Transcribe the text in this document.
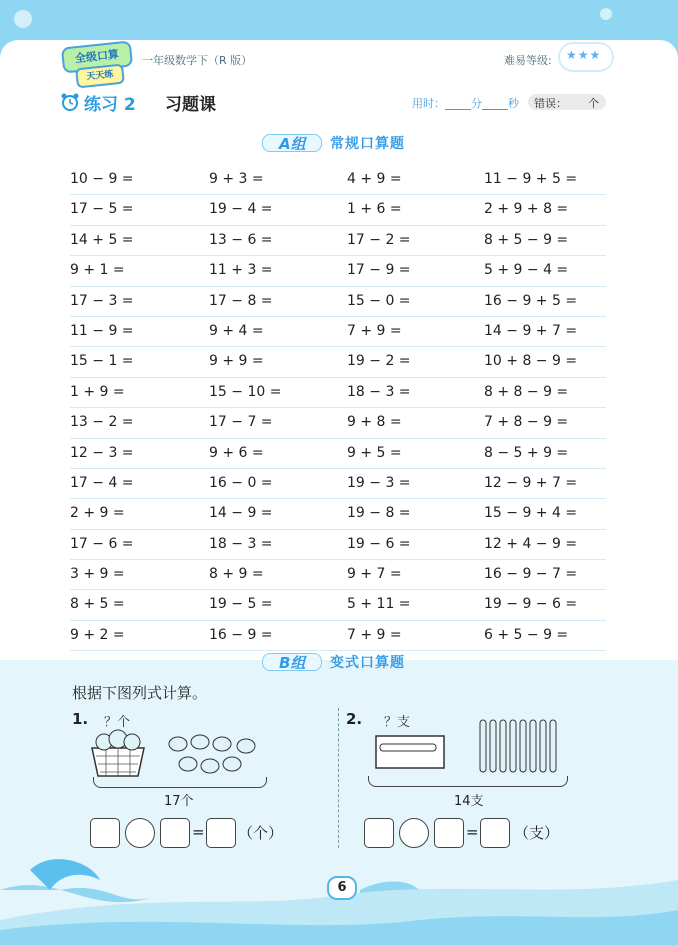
全级口算
天天练
一年级数学下（R 版）	难易等级: ★★★
练习 2 习题课	用时： 分 秒 错误： 个
A组 常规口算题
10 − 9 =	9 + 3 =	4 + 9 =	11 − 9 + 5 =
17 − 5 =	19 − 4 =	1 + 6 =	2 + 9 + 8 =
14 + 5 =	13 − 6 =	17 − 2 =	8 + 5 − 9 =
9 + 1 =	11 + 3 =	17 − 9 =	5 + 9 − 4 =
17 − 3 =	17 − 8 =	15 − 0 =	16 − 9 + 5 =
11 − 9 =	9 + 4 =	7 + 9 =	14 − 9 + 7 =
15 − 1 =	9 + 9 =	19 − 2 =	10 + 8 − 9 =
1 + 9 =	15 − 10 =	18 − 3 =	8 + 8 − 9 =
13 − 2 =	17 − 7 =	9 + 8 =	7 + 8 − 9 =
12 − 3 =	9 + 6 =	9 + 5 =	8 − 5 + 9 =
17 − 4 =	16 − 0 =	19 − 3 =	12 − 9 + 7 =
2 + 9 =	14 − 9 =	19 − 8 =	15 − 9 + 4 =
17 − 6 =	18 − 3 =	19 − 6 =	12 + 4 − 9 =
3 + 9 =	8 + 9 =	9 + 7 =	16 − 9 − 7 =
8 + 5 =	19 − 5 =	5 + 11 =	19 − 9 − 6 =
9 + 2 =	16 − 9 =	7 + 9 =	6 + 5 − 9 =
B组 变式口算题
根据下图列式计算。
1. ？个
17个
= （个）
2. ？支
14支
= （支）
6
